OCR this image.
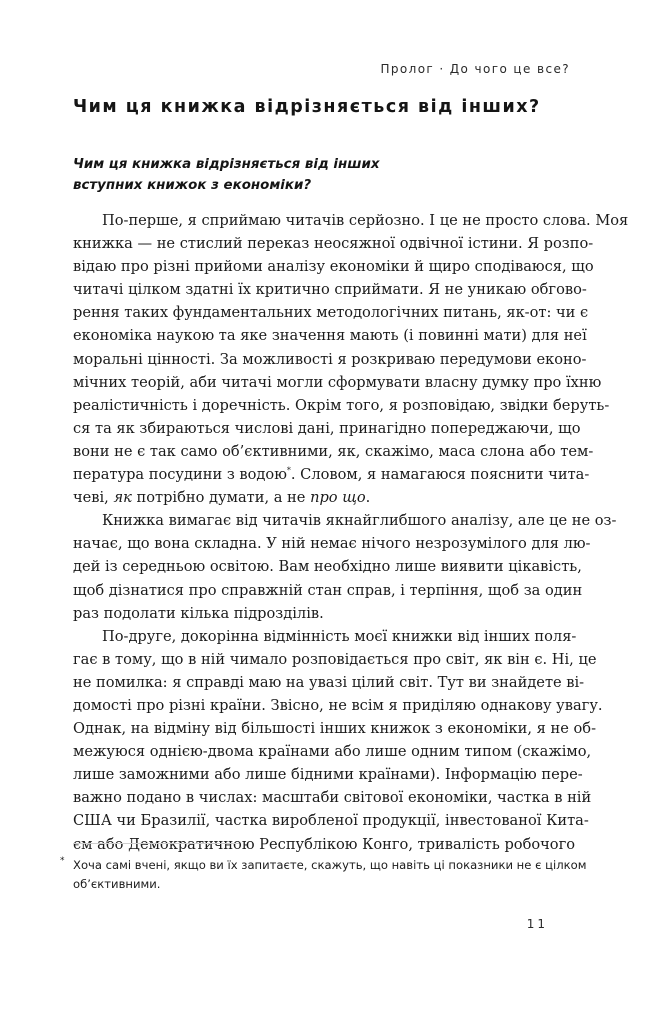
Пролог · До чого це все?
Чим ця книжка відрізняється від інших?
Чим ця книжка відрізняється від інших
вступних книжок з економіки?
По-перше, я сприймаю читачів серйозно. І це не просто слова. Моя
книжка — не стислий переказ неосяжної одвічної істини. Я розпо-
відаю про різні прийоми аналізу економіки й щиро сподіваюся, що
читачі цілком здатні їх критично сприймати. Я не уникаю обгово-
рення таких фундаментальних методологічних питань, як-от: чи є
економіка наукою та яке значення мають (і повинні мати) для неї
моральні цінності. За можливості я розкриваю передумови еконо-
мічних теорій, аби читачі могли сформувати власну думку про їхню
реалістичність і доречність. Окрім того, я розповідаю, звідки беруть-
ся та як збираються числові дані, принагідно попереджаючи, що
вони не є так само об’єктивними, як, скажімо, маса слона або тем-
пература посудини з водою*. Словом, я намагаюся пояснити чита-
чеві, як потрібно думати, а не про що.
Книжка вимагає від читачів якнайглибшого аналізу, але це не оз-
начає, що вона складна. У ній немає нічого незрозумілого для лю-
дей із середньою освітою. Вам необхідно лише виявити цікавість,
щоб дізнатися про справжній стан справ, і терпіння, щоб за один
раз подолати кілька підрозділів.
По-друге, докорінна відмінність моєї книжки від інших поля-
гає в тому, що в ній чимало розповідається про світ, як він є. Ні, це
не помилка: я справді маю на увазі цілий світ. Тут ви знайдете ві-
домості про різні країни. Звісно, не всім я приділяю однакову увагу.
Однак, на відміну від більшості інших книжок з економіки, я не об-
межуюся однією-двома країнами або лише одним типом (скажімо,
лише заможними або лише бідними країнами). Інформацію пере-
важно подано в числах: масштаби світової економіки, частка в ній
США чи Бразилії, частка виробленої продукції, інвестованої Кита-
єм або Демократичною Республікою Конго, тривалість робочого
* Хоча самі вчені, якщо ви їх запитаєте, скажуть, що навіть ці показники не є цілком
об’єктивними.
11
